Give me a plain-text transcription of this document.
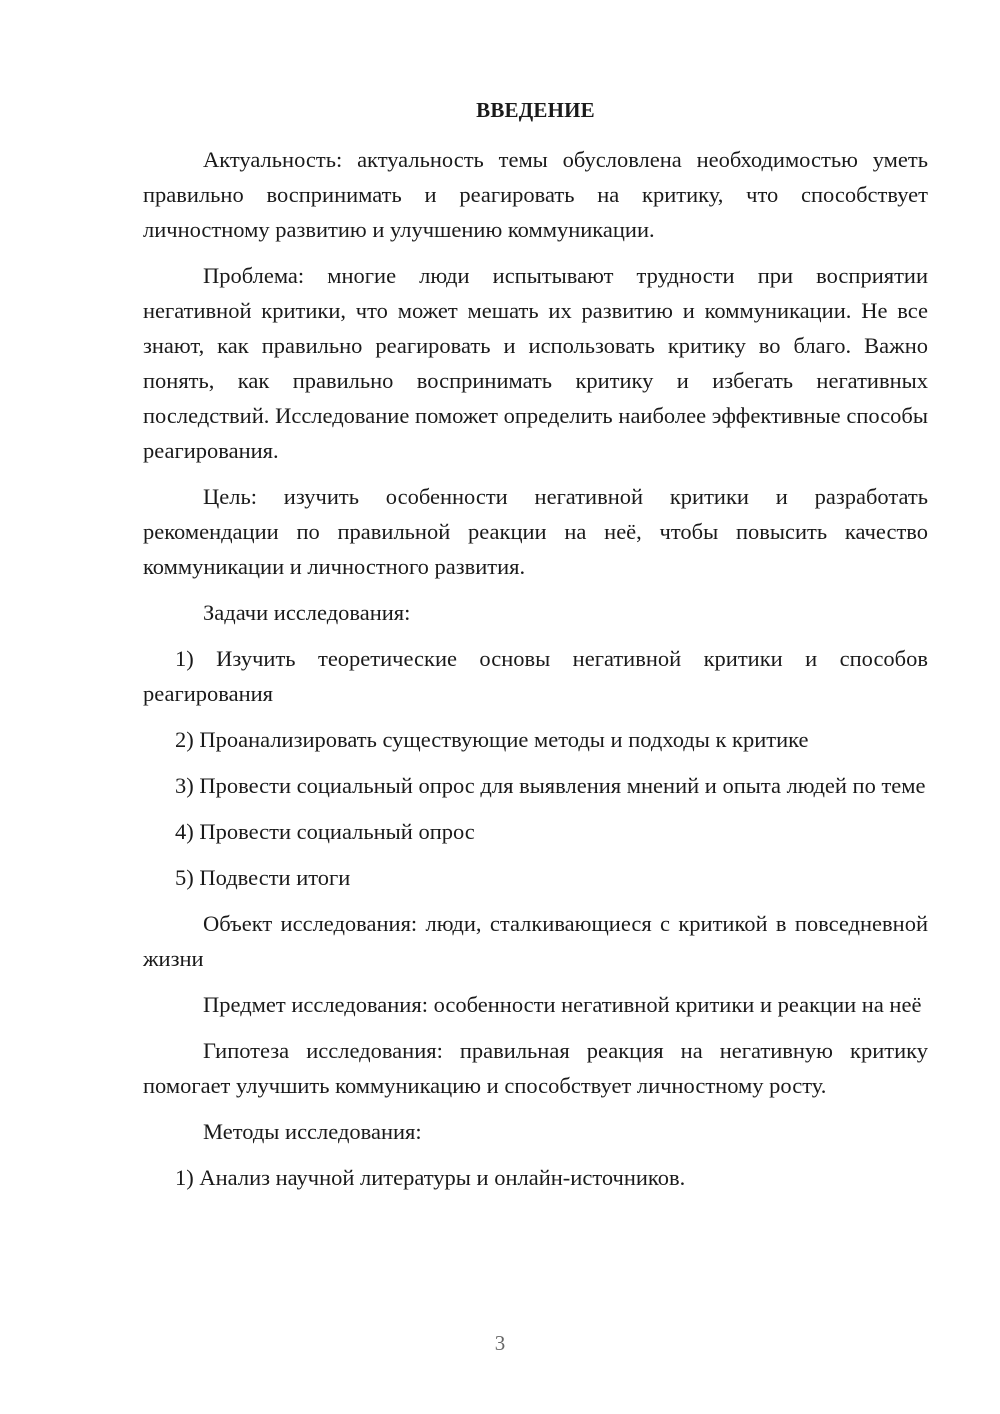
ВВЕДЕНИЕ

Актуальность: актуальность темы обусловлена необходимостью уметь правильно воспринимать и реагировать на критику, что способствует личностному развитию и улучшению коммуникации.

Проблема: многие люди испытывают трудности при восприятии негативной критики, что может мешать их развитию и коммуникации. Не все знают, как правильно реагировать и использовать критику во благо. Важно понять, как правильно воспринимать критику и избегать негативных последствий. Исследование поможет определить наиболее эффективные способы реагирования.

Цель: изучить особенности негативной критики и разработать рекомендации по правильной реакции на неё, чтобы повысить качество коммуникации и личностного развития.

Задачи исследования:

1) Изучить теоретические основы негативной критики и способов реагирования

2) Проанализировать существующие методы и подходы к критике

3) Провести социальный опрос для выявления мнений и опыта людей по теме

4) Провести социальный опрос

5) Подвести итоги

Объект исследования: люди, сталкивающиеся с критикой в повседневной жизни

Предмет исследования: особенности негативной критики и реакции на неё

Гипотеза исследования: правильная реакция на негативную критику помогает улучшить коммуникацию и способствует личностному росту.

Методы исследования:

1) Анализ научной литературы и онлайн-источников.

3
